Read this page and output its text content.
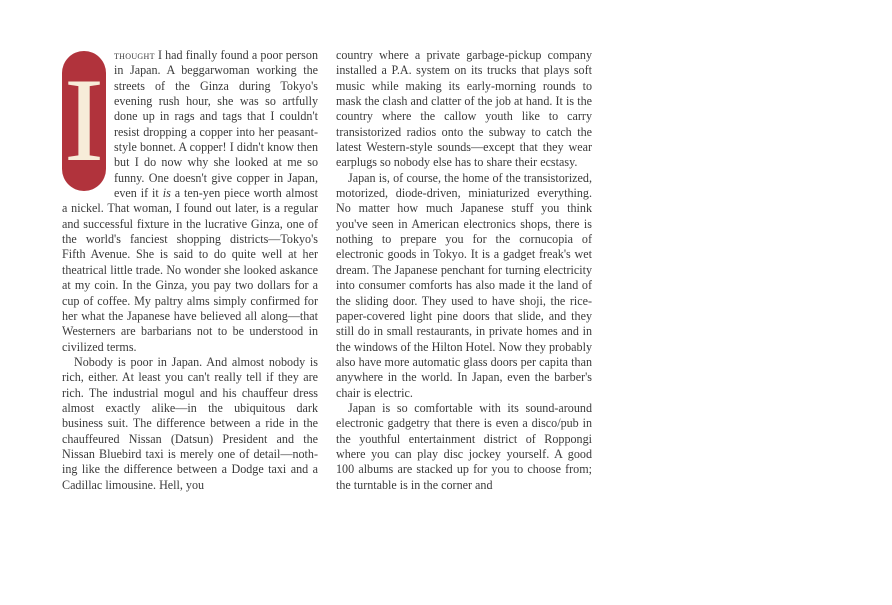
I thought I had finally found a poor person in Japan. A beggarwoman working the streets of the Ginza during Tokyo's evening rush hour, she was so artfully done up in rags and tags that I couldn't resist dropping a copper into her peasant-style bonnet. A copper! I didn't know then but I do now why she looked at me so funny. One doesn't give copper in Japan, even if it is a ten-yen piece worth almost a nickel. That woman, I found out later, is a regular and successful fixture in the lucrative Ginza, one of the world's fanciest shopping districts—Tokyo's Fifth Avenue. She is said to do quite well at her theatrical little trade. No wonder she looked askance at my coin. In the Ginza, you pay two dollars for a cup of coffee. My paltry alms simply confirmed for her what the Japanese have believed all along—that Westerners are barbarians not to be understood in civilized terms.

Nobody is poor in Japan. And almost nobody is rich, either. At least you can't really tell if they are rich. The industrial mogul and his chauffeur dress almost exactly alike—in the ubiquitous dark business suit. The difference between a ride in the chauffeured Nissan (Datsun) President and the Nissan Bluebird taxi is merely one of detail—nothing like the difference between a Dodge taxi and a Cadillac limousine. Hell, you

country where a private garbage-pickup company installed a P.A. system on its trucks that plays soft music while making its early-morning rounds to mask the clash and clatter of the job at hand. It is the country where the callow youth like to carry transistorized radios onto the subway to catch the latest Western-style sounds—except that they wear earplugs so nobody else has to share their ecstasy.

Japan is, of course, the home of the transistorized, motorized, diode-driven, miniaturized everything. No matter how much Japanese stuff you think you've seen in American electronics shops, there is nothing to prepare you for the cornucopia of electronic goods in Tokyo. It is a gadget freak's wet dream. The Japanese penchant for turning electricity into consumer comforts has also made it the land of the sliding door. They used to have shoji, the rice-paper-covered light pine doors that slide, and they still do in small restaurants, in private homes and in the windows of the Hilton Hotel. Now they probably also have more automatic glass doors per capita than anywhere in the world. In Japan, even the barber's chair is electric.

Japan is so comfortable with its sound-around electronic gadgetry that there is even a disco/pub in the youthful entertainment district of Roppongi where you can play disc jockey yourself. A good 100 albums are stacked up for you to choose from; the turntable is in the corner and
